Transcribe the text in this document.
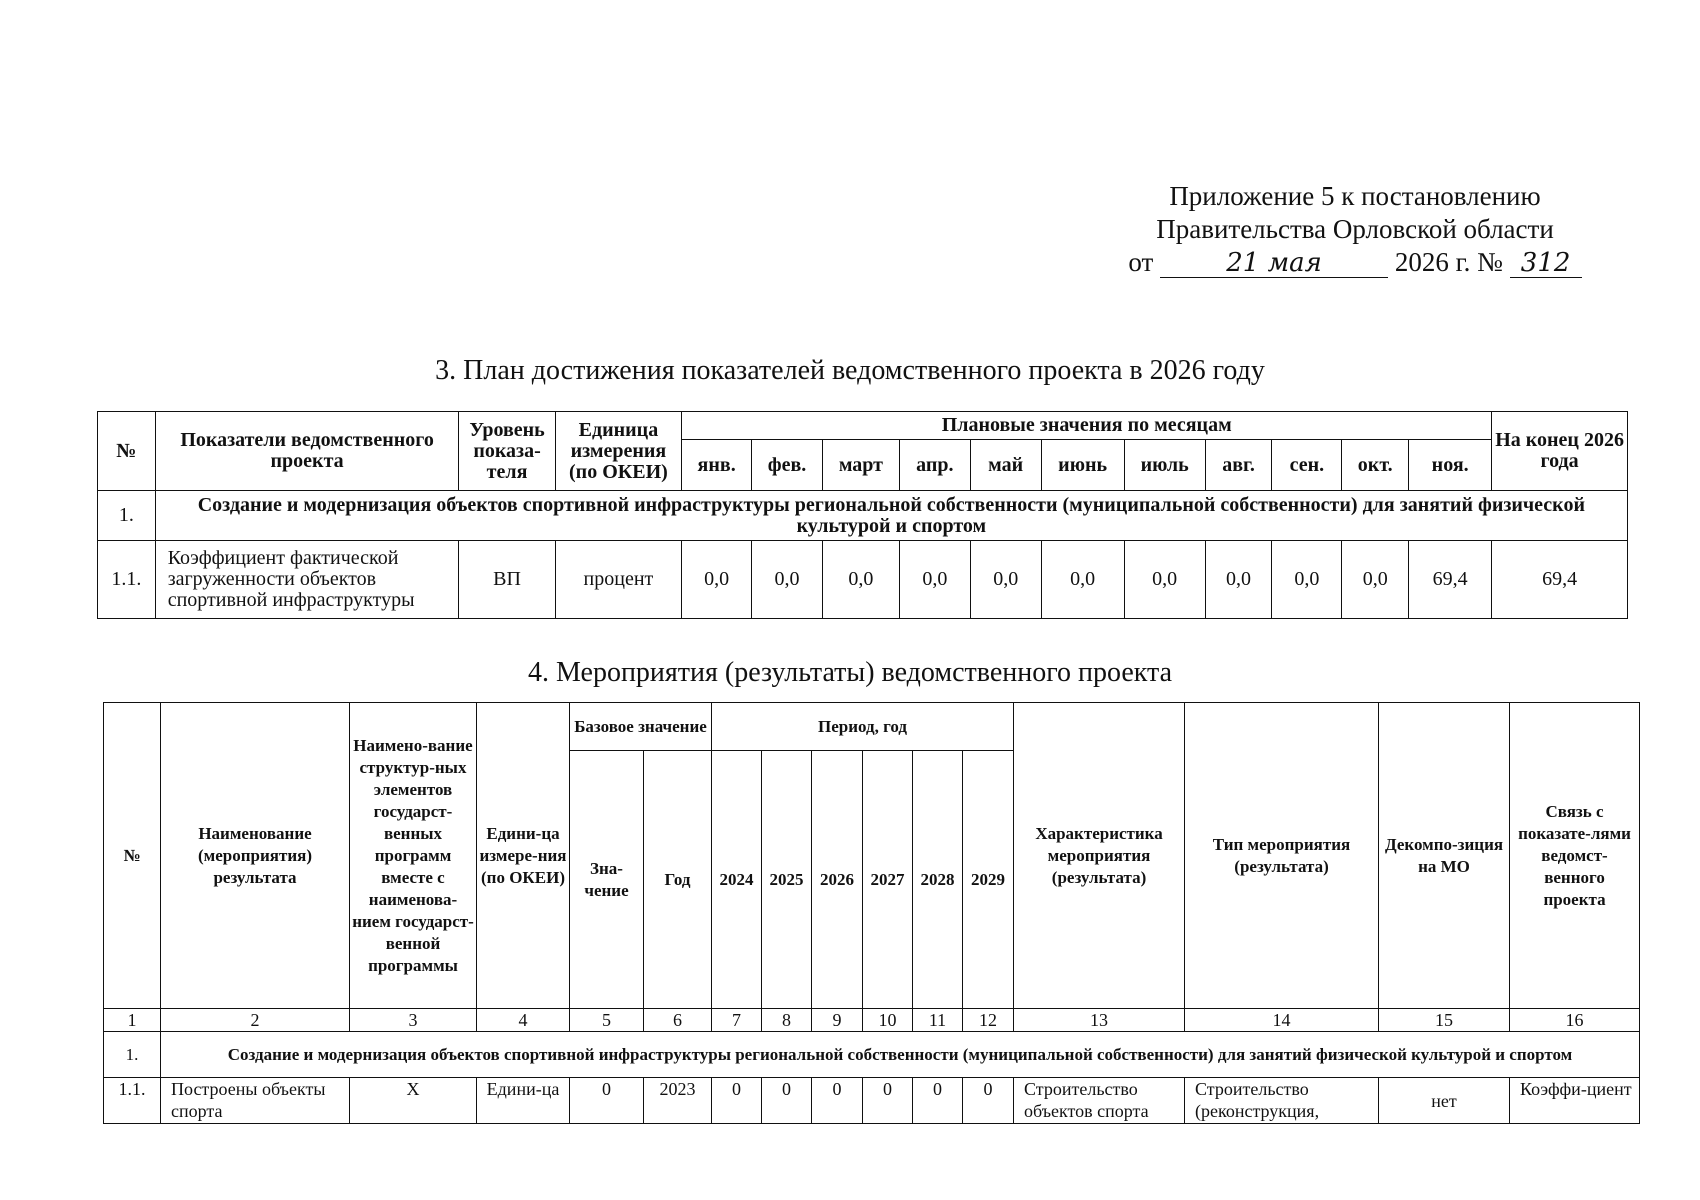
Приложение 5 к постановлению
Правительства Орловской области
от	21 мая	2026 г. № 312
3. План достижения показателей ведомственного проекта в 2026 году
№	Показатели ведомственного проекта	Уровень показа-теля	Единица измерения (по ОКЕИ)	Плановые значения по месяцам											На конец 2026 года
				янв.	фев.	март	апр.	май	июнь	июль	авг.	сен.	окт.	ноя.	
1.	Создание и модернизация объектов спортивной инфраструктуры региональной собственности (муниципальной собственности) для занятий физической культурой и спортом														
1.1.	Коэффициент фактической загруженности объектов спортивной инфраструктуры	ВП	процент	0,0	0,0	0,0	0,0	0,0	0,0	0,0	0,0	0,0	0,0	69,4	69,4
4. Мероприятия (результаты) ведомственного проекта
№	Наименование (мероприятия) результата	Наимено-вание структур-ных элементов государст-венных программ вместе с наименова-нием государст-венной программы	Едини-ца измере-ния (по ОКЕИ)	Базовое значение		Период, год						Характеристика мероприятия (результата)	Тип мероприятия (результата)	Декомпо-зиция на МО	Связь с показате-лями ведомст-венного проекта
				Зна-чение	Год	2024	2025	2026	2027	2028	2029				
1	2	3	4	5	6	7	8	9	10	11	12	13	14	15	16
1.	Создание и модернизация объектов спортивной инфраструктуры региональной собственности (муниципальной собственности) для занятий физической культурой и спортом														
1.1.	Построены объекты спорта	Х	Едини-ца	0	2023	0	0	0	0	0	0	Строительство объектов спорта	Строительство (реконструкция,	нет	Коэффи-циент
